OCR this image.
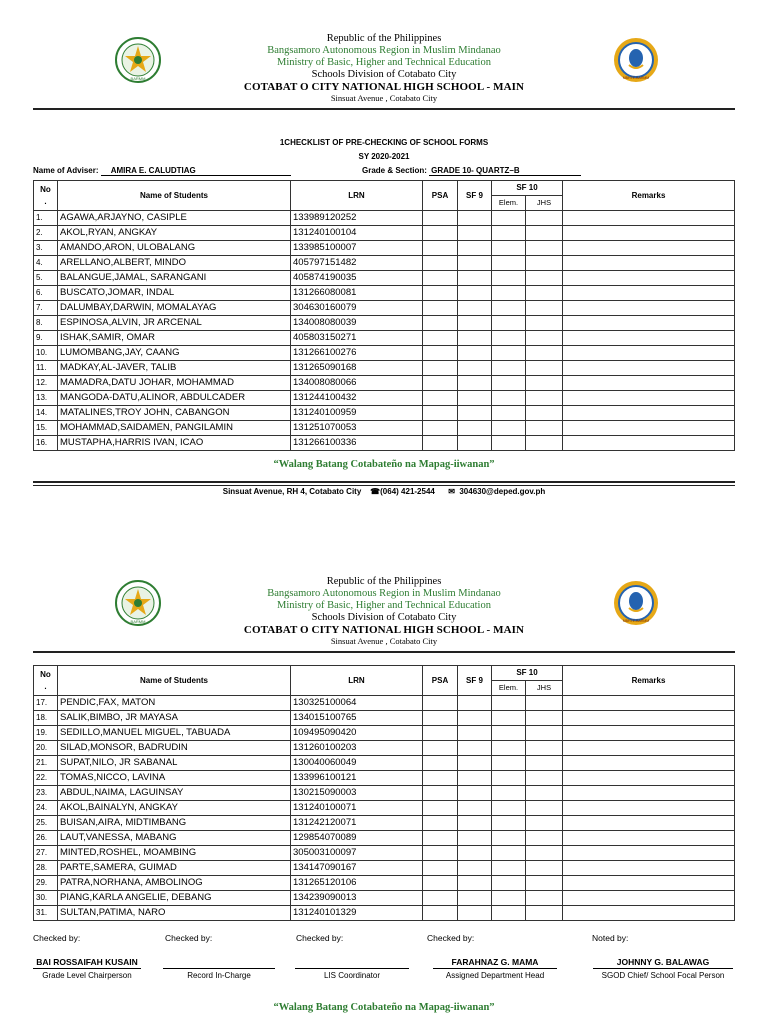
BARMM	MBHTE-BARMM
Republic of the Philippines
Bangsamoro Autonomous Region in Muslim Mindanao
Ministry of Basic, Higher and Technical Education
Schools Division of Cotabato City
COTABAT O CITY NATIONAL HIGH SCHOOL - MAIN
Sinsuat Avenue , Cotabato City
1CHECKLIST OF PRE-CHECKING OF SCHOOL FORMS
SY 2020-2021
Name of Adviser: AMIRA E. CALUDTIAG	Grade & Section: GRADE 10- QUARTZ–B
No
.	Name of Students	LRN	PSA	SF 9	SF 10		Remarks
					Elem.	JHS	
1.	AGAWA,ARJAYNO, CASIPLE	133989120252					
2.	AKOL,RYAN, ANGKAY	131240100104					
3.	AMANDO,ARON, ULOBALANG	133985100007					
4.	ARELLANO,ALBERT, MINDO	405797151482					
5.	BALANGUE,JAMAL, SARANGANI	405874190035					
6.	BUSCATO,JOMAR, INDAL	131266080081					
7.	DALUMBAY,DARWIN, MOMALAYAG	304630160079					
8.	ESPINOSA,ALVIN, JR ARCENAL	134008080039					
9.	ISHAK,SAMIR, OMAR	405803150271					
10.	LUMOMBANG,JAY, CAANG	131266100276					
11.	MADKAY,AL-JAVER, TALIB	131265090168					
12.	MAMADRA,DATU JOHAR, MOHAMMAD	134008080066					
13.	MANGODA-DATU,ALINOR, ABDULCADER	131244100432					
14.	MATALINES,TROY JOHN, CABANGON	131240100959					
15.	MOHAMMAD,SAIDAMEN, PANGILAMIN	131251070053					
16.	MUSTAPHA,HARRIS IVAN, ICAO	131266100336					
“Walang Batang Cotabateño na Mapag-iiwanan”
Sinsuat Avenue, RH 4, Cotabato City ☎(064) 421-2544 ✉ 304630@deped.gov.ph
BARMM	MBHTE-BARMM
Republic of the Philippines
Bangsamoro Autonomous Region in Muslim Mindanao
Ministry of Basic, Higher and Technical Education
Schools Division of Cotabato City
COTABAT O CITY NATIONAL HIGH SCHOOL - MAIN
Sinsuat Avenue , Cotabato City
No
.	Name of Students	LRN	PSA	SF 9	SF 10		Remarks
					Elem.	JHS	
17.	PENDIC,FAX, MATON	130325100064					
18.	SALIK,BIMBO, JR MAYASA	134015100765					
19.	SEDILLO,MANUEL MIGUEL, TABUADA	109495090420					
20.	SILAD,MONSOR, BADRUDIN	131260100203					
21.	SUPAT,NILO, JR SABANAL	130040060049					
22.	TOMAS,NICCO, LAVINA	133996100121					
23.	ABDUL,NAIMA, LAGUINSAY	130215090003					
24.	AKOL,BAINALYN, ANGKAY	131240100071					
25.	BUISAN,AIRA, MIDTIMBANG	131242120071					
26.	LAUT,VANESSA, MABANG	129854070089					
27.	MINTED,ROSHEL, MOAMBING	305003100097					
28.	PARTE,SAMERA, GUIMAD	134147090167					
29.	PATRA,NORHANA, AMBOLINOG	131265120106					
30.	PIANG,KARLA ANGELIE, DEBANG	134239090013					
31.	SULTAN,PATIMA, NARO	131240101329					
Checked by:
BAI ROSSAIFAH KUSAIN
Grade Level Chairperson
Checked by:
Record In-Charge
Checked by:
LIS Coordinator
Checked by:
FARAHNAZ G. MAMA
Assigned Department Head
Noted by:
JOHNNY G. BALAWAG
SGOD Chief/ School Focal Person
“Walang Batang Cotabateño na Mapag-iiwanan”
